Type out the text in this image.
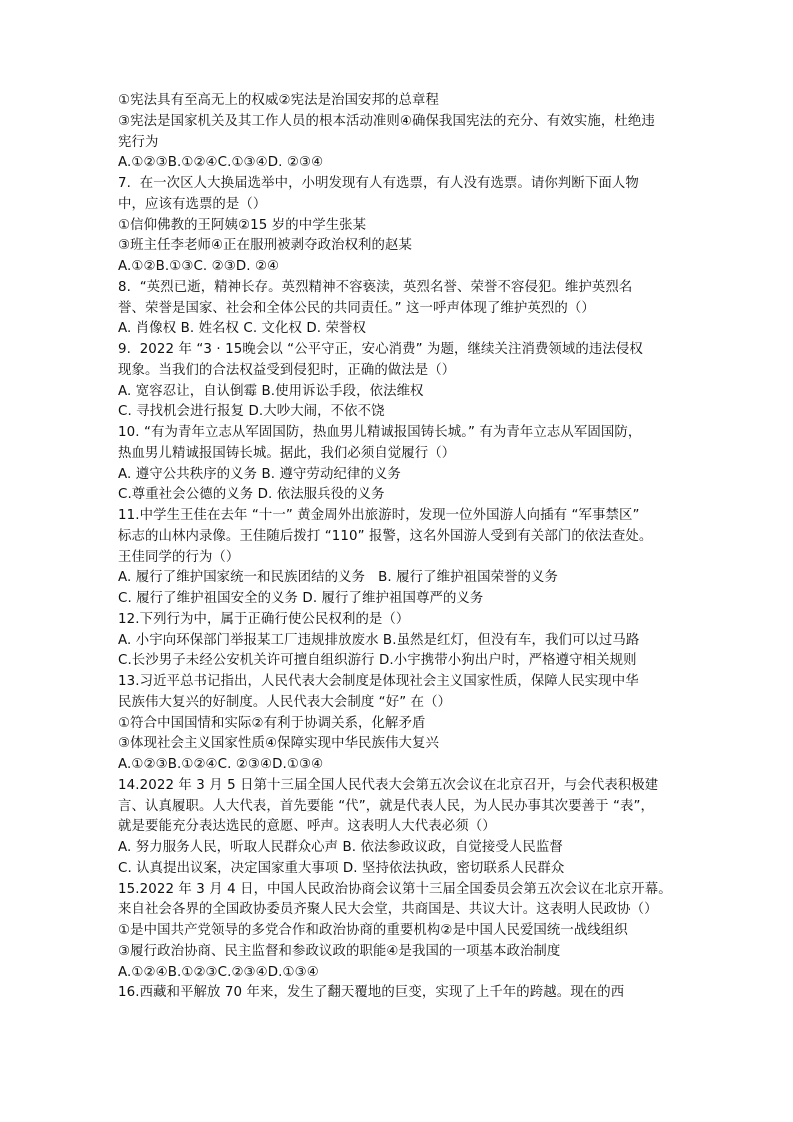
①宪法具有至高无上的权威②宪法是治国安邦的总章程
③宪法是国家机关及其工作人员的根本活动准则④确保我国宪法的充分、有效实施，杜绝违
宪行为
A.①②③B.①②④C.①③④D. ②③④
7.  在一次区人大换届选举中，小明发现有人有选票，有人没有选票。请你判断下面人物
中，应该有选票的是（）
①信仰佛教的王阿姨②15 岁的中学生张某
③班主任李老师④正在服刑被剥夺政治权利的赵某
A.①②B.①③C. ②③D. ②④
8.  “英烈已逝，精神长存。英烈精神不容亵渎，英烈名誉、荣誉不容侵犯。维护英烈名
誉、荣誉是国家、社会和全体公民的共同责任。” 这一呼声体现了维护英烈的（）
A. 肖像权 B. 姓名权 C. 文化权 D. 荣誉权
9.  2022 年 “3 · 15晚会以 “公平守正，安心消费” 为题，继续关注消费领域的违法侵权
现象。当我们的合法权益受到侵犯时，正确的做法是（）
A. 宽容忍让，自认倒霉 B.使用诉讼手段，依法维权
C. 寻找机会进行报复 D.大吵大闹，不依不饶
10. “有为青年立志从军固国防，热血男儿精诚报国铸长城。” 有为青年立志从军固国防，
热血男儿精诚报国铸长城。据此，我们必须自觉履行（）
A. 遵守公共秩序的义务 B. 遵守劳动纪律的义务
C.尊重社会公德的义务 D. 依法服兵役的义务
11.中学生王佳在去年 “十一” 黄金周外出旅游时，发现一位外国游人向插有 “军事禁区”
标志的山林内录像。王佳随后拨打 “110” 报警，这名外国游人受到有关部门的依法查处。
王佳同学的行为（）
A. 履行了维护国家统一和民族团结的义务   B. 履行了维护祖国荣誉的义务
C. 履行了维护祖国安全的义务 D. 履行了维护祖国尊严的义务
12.下列行为中，属于正确行使公民权利的是（）
A. 小宇向环保部门举报某工厂违规排放废水 B.虽然是红灯，但没有车，我们可以过马路
C.长沙男子未经公安机关许可擅自组织游行 D.小宇携带小狗出户时，严格遵守相关规则
13.习近平总书记指出，人民代表大会制度是体现社会主义国家性质，保障人民实现中华
民族伟大复兴的好制度。人民代表大会制度 “好” 在（）
①符合中国国情和实际②有利于协调关系，化解矛盾
③体现社会主义国家性质④保障实现中华民族伟大复兴
A.①②③B.①②④C. ②③④D.①③④
14.2022 年 3 月 5 日第十三届全国人民代表大会第五次会议在北京召开，与会代表积极建
言、认真履职。人大代表，首先要能 “代”，就是代表人民，为人民办事其次要善于 “表”，
就是要能充分表达选民的意愿、呼声。这表明人大代表必须（）
A. 努力服务人民，听取人民群众心声 B. 依法参政议政，自觉接受人民监督
C. 认真提出议案，决定国家重大事项 D. 坚持依法执政，密切联系人民群众
15.2022 年 3 月 4 日，中国人民政治协商会议第十三届全国委员会第五次会议在北京开幕。
来自社会各界的全国政协委员齐聚人民大会堂，共商国是、共议大计。这表明人民政协（）
①是中国共产党领导的多党合作和政治协商的重要机构②是中国人民爱国统一战线组织
③履行政治协商、民主监督和参政议政的职能④是我国的一项基本政治制度
A.①②④B.①②③C.②③④D.①③④
16.西藏和平解放 70 年来，发生了翻天覆地的巨变，实现了上千年的跨越。现在的西
